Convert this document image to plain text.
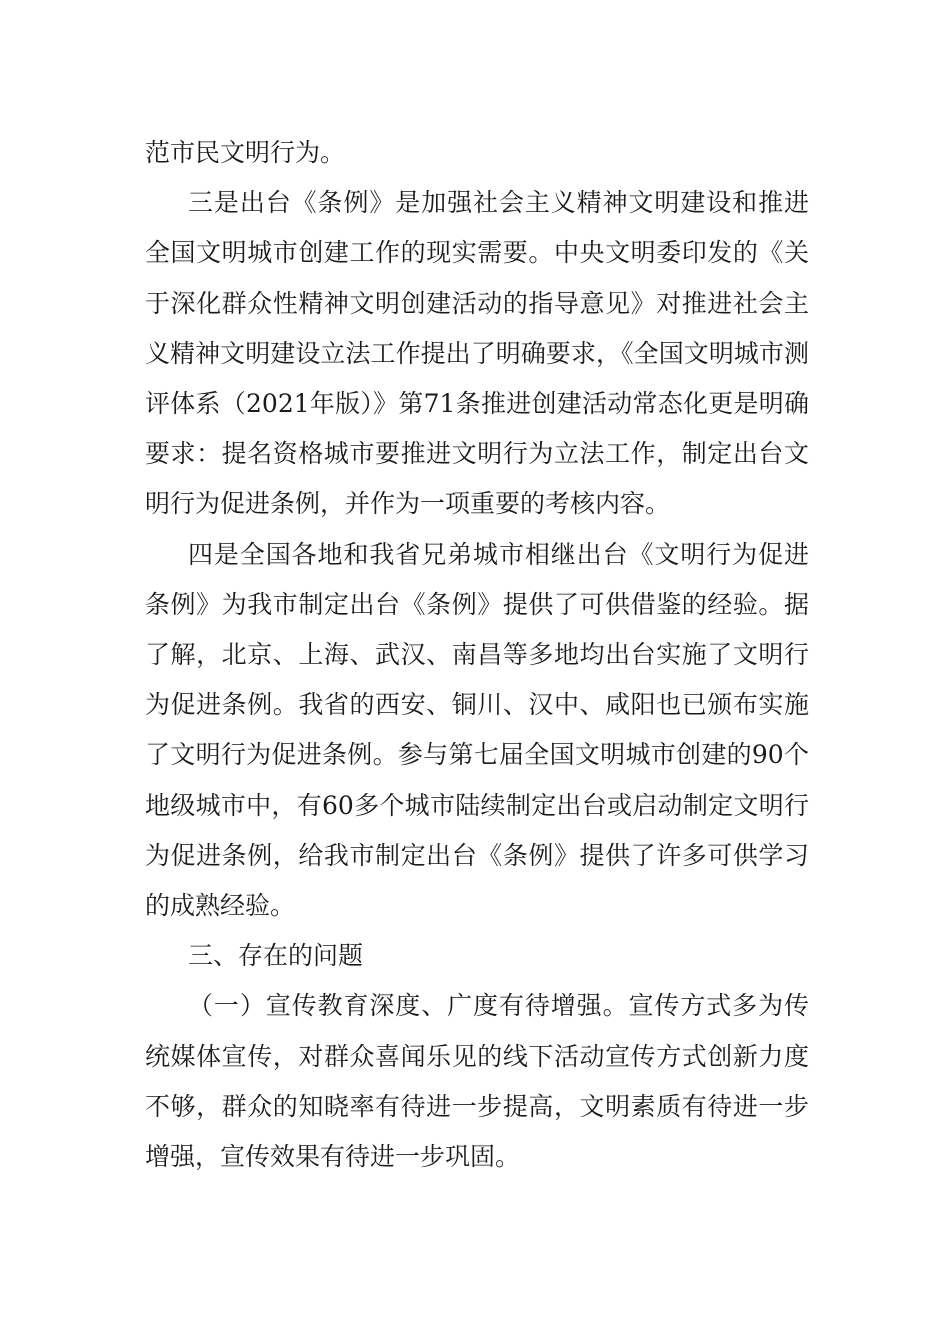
范市民文明行为。

三是出台《条例》是加强社会主义精神文明建设和推进全国文明城市创建工作的现实需要。中央文明委印发的《关于深化群众性精神文明创建活动的指导意见》对推进社会主义精神文明建设立法工作提出了明确要求，《全国文明城市测评体系（2021年版）》第71条推进创建活动常态化更是明确要求：提名资格城市要推进文明行为立法工作，制定出台文明行为促进条例，并作为一项重要的考核内容。

四是全国各地和我省兄弟城市相继出台《文明行为促进条例》为我市制定出台《条例》提供了可供借鉴的经验。据了解，北京、上海、武汉、南昌等多地均出台实施了文明行为促进条例。我省的西安、铜川、汉中、咸阳也已颁布实施了文明行为促进条例。参与第七届全国文明城市创建的90个地级城市中，有60多个城市陆续制定出台或启动制定文明行为促进条例，给我市制定出台《条例》提供了许多可供学习的成熟经验。

三、存在的问题

（一）宣传教育深度、广度有待增强。宣传方式多为传统媒体宣传，对群众喜闻乐见的线下活动宣传方式创新力度不够，群众的知晓率有待进一步提高，文明素质有待进一步增强，宣传效果有待进一步巩固。
